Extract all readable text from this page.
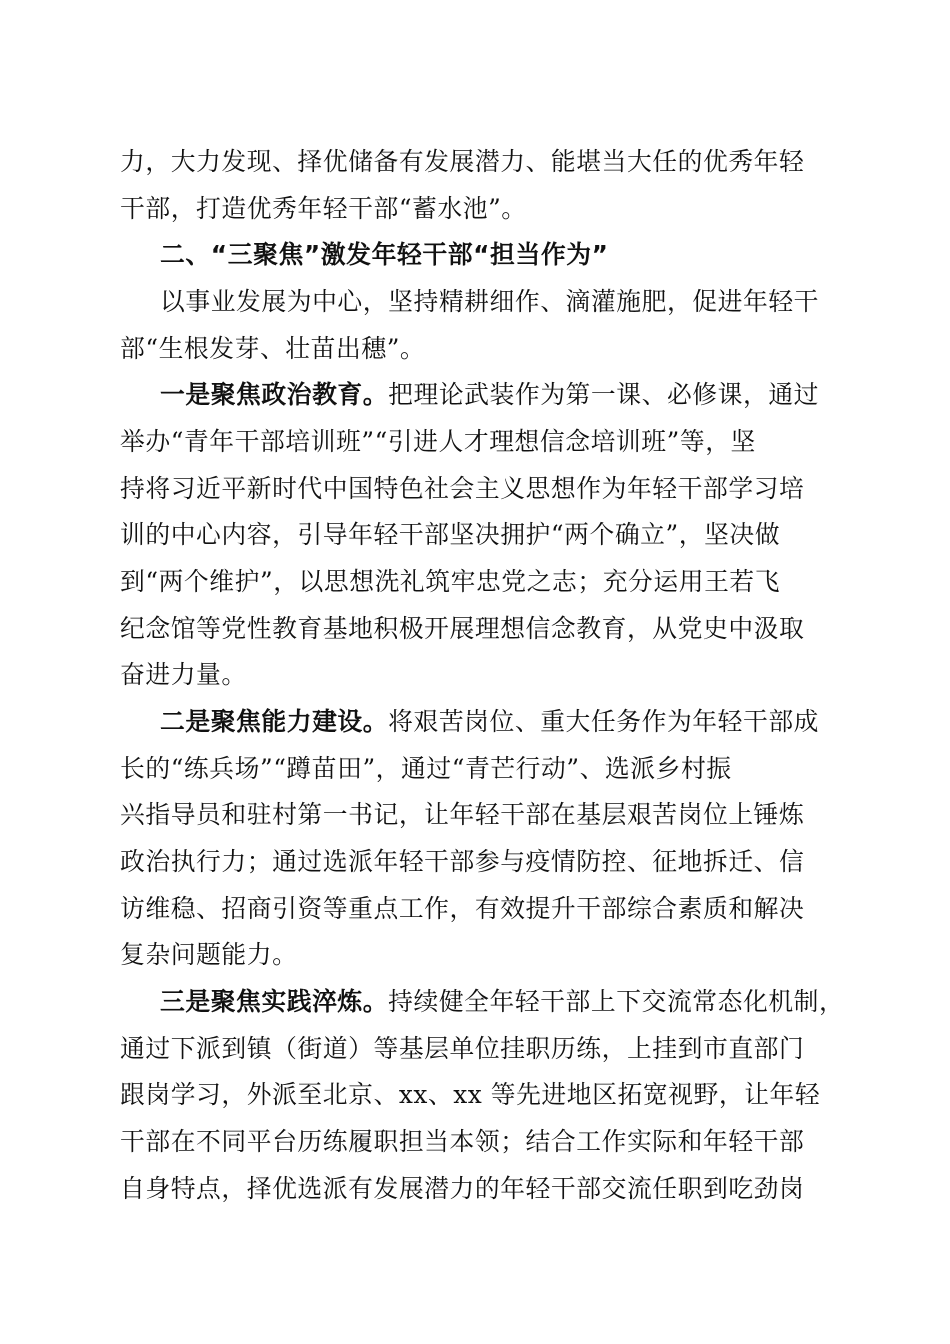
力，大力发现、择优储备有发展潜力、能堪当大任的优秀年轻
干部，打造优秀年轻干部“蓄水池”。
二、“三聚焦”激发年轻干部“担当作为”
以事业发展为中心，坚持精耕细作、滴灌施肥，促进年轻干
部“生根发芽、壮苗出穗”。
一是聚焦政治教育。把理论武装作为第一课、必修课，通过
举办“青年干部培训班”“引进人才理想信念培训班”等，坚
持将习近平新时代中国特色社会主义思想作为年轻干部学习培
训的中心内容，引导年轻干部坚决拥护“两个确立”，坚决做
到“两个维护”，以思想洗礼筑牢忠党之志；充分运用王若飞
纪念馆等党性教育基地积极开展理想信念教育，从党史中汲取
奋进力量。
二是聚焦能力建设。将艰苦岗位、重大任务作为年轻干部成
长的“练兵场”“蹲苗田”，通过“青芒行动”、选派乡村振
兴指导员和驻村第一书记，让年轻干部在基层艰苦岗位上锤炼
政治执行力；通过选派年轻干部参与疫情防控、征地拆迁、信
访维稳、招商引资等重点工作，有效提升干部综合素质和解决
复杂问题能力。
三是聚焦实践淬炼。持续健全年轻干部上下交流常态化机制，
通过下派到镇（街道）等基层单位挂职历练，上挂到市直部门
跟岗学习，外派至北京、xx、xx 等先进地区拓宽视野，让年轻
干部在不同平台历练履职担当本领；结合工作实际和年轻干部
自身特点，择优选派有发展潜力的年轻干部交流任职到吃劲岗
